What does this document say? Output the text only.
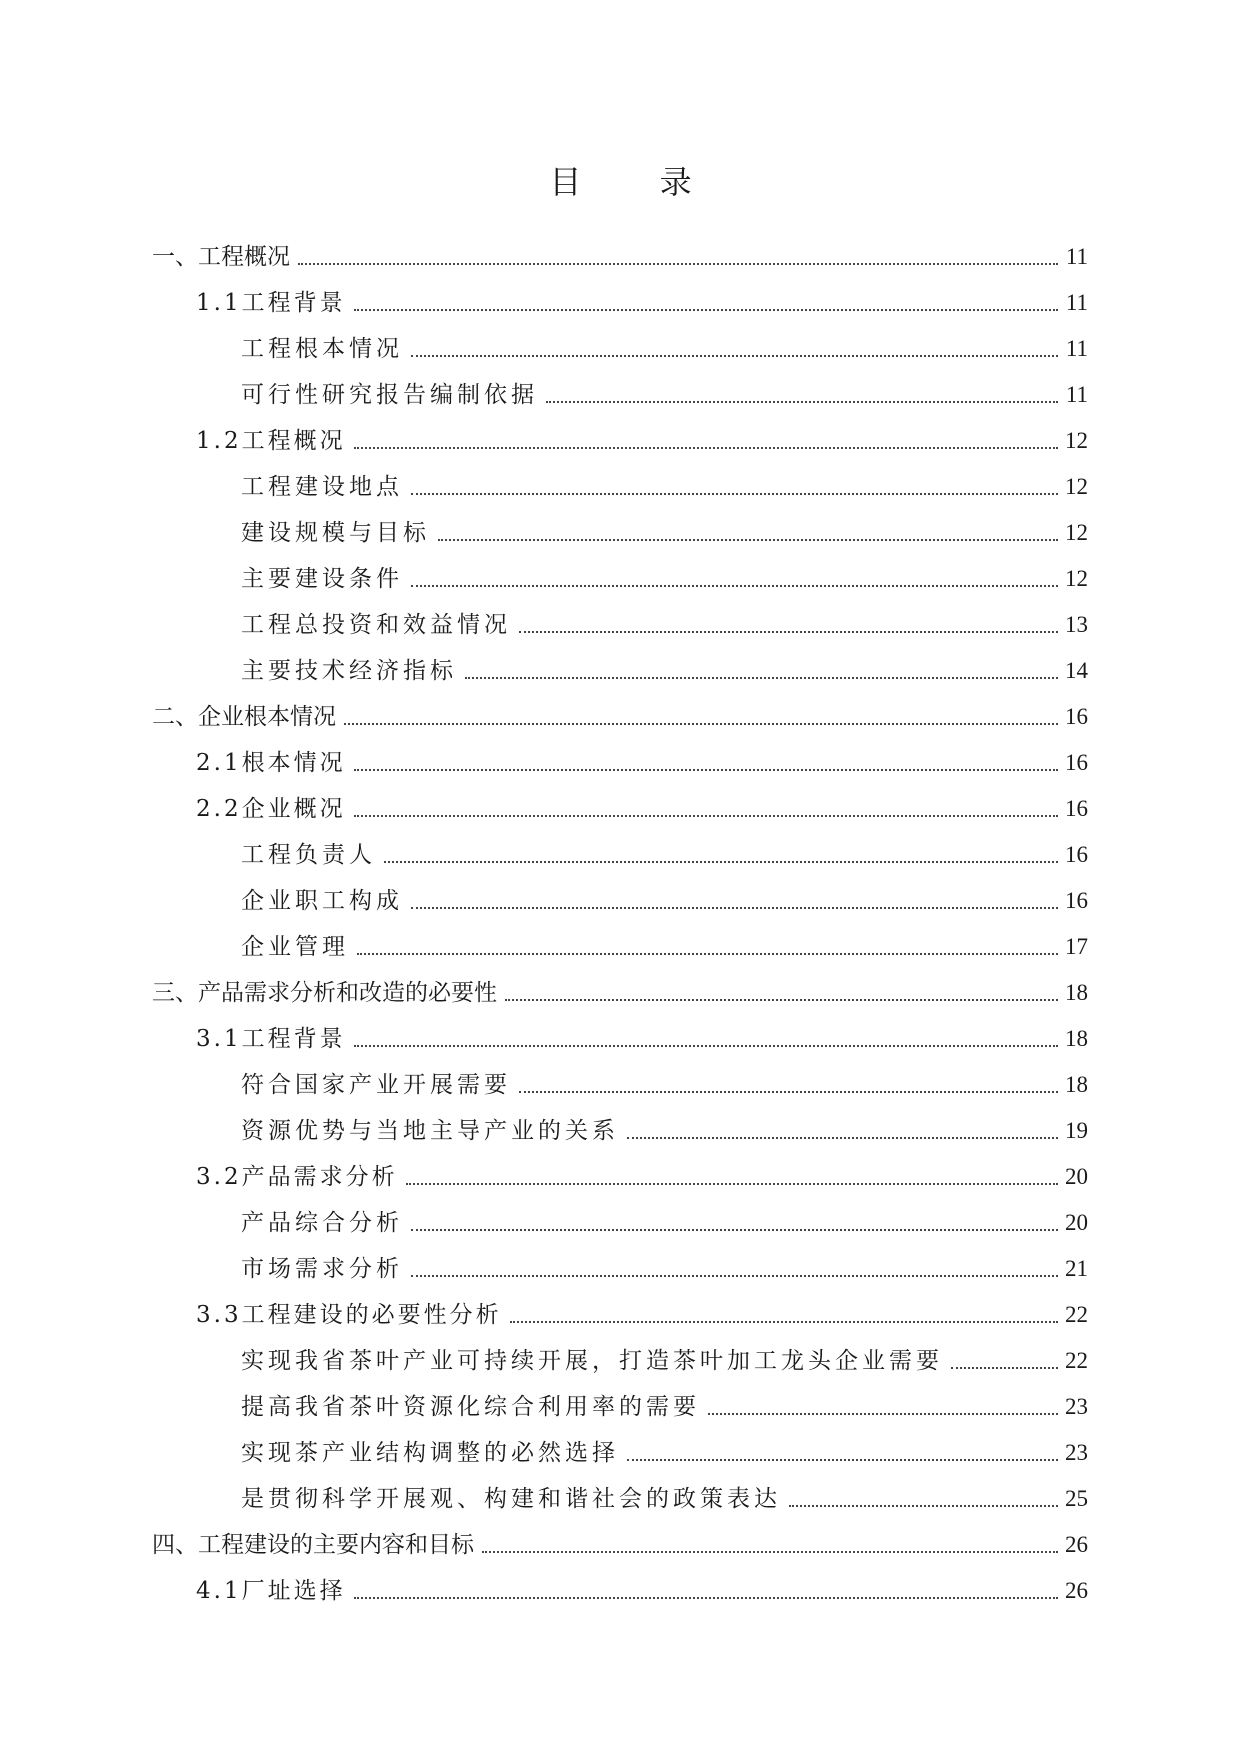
目 录
一、工程概况	11
1.1工程背景	11
工程根本情况	11
可行性研究报告编制依据	11
1.2工程概况	12
工程建设地点	12
建设规模与目标	12
主要建设条件	12
工程总投资和效益情况	13
主要技术经济指标	14
二、企业根本情况	16
2.1根本情况	16
2.2企业概况	16
工程负责人	16
企业职工构成	16
企业管理	17
三、产品需求分析和改造的必要性	18
3.1工程背景	18
符合国家产业开展需要	18
资源优势与当地主导产业的关系	19
3.2产品需求分析	20
产品综合分析	20
市场需求分析	21
3.3工程建设的必要性分析	22
实现我省茶叶产业可持续开展，打造茶叶加工龙头企业需要	22
提高我省茶叶资源化综合利用率的需要	23
实现茶产业结构调整的必然选择	23
是贯彻科学开展观、构建和谐社会的政策表达	25
四、工程建设的主要内容和目标	26
4.1厂址选择	26
